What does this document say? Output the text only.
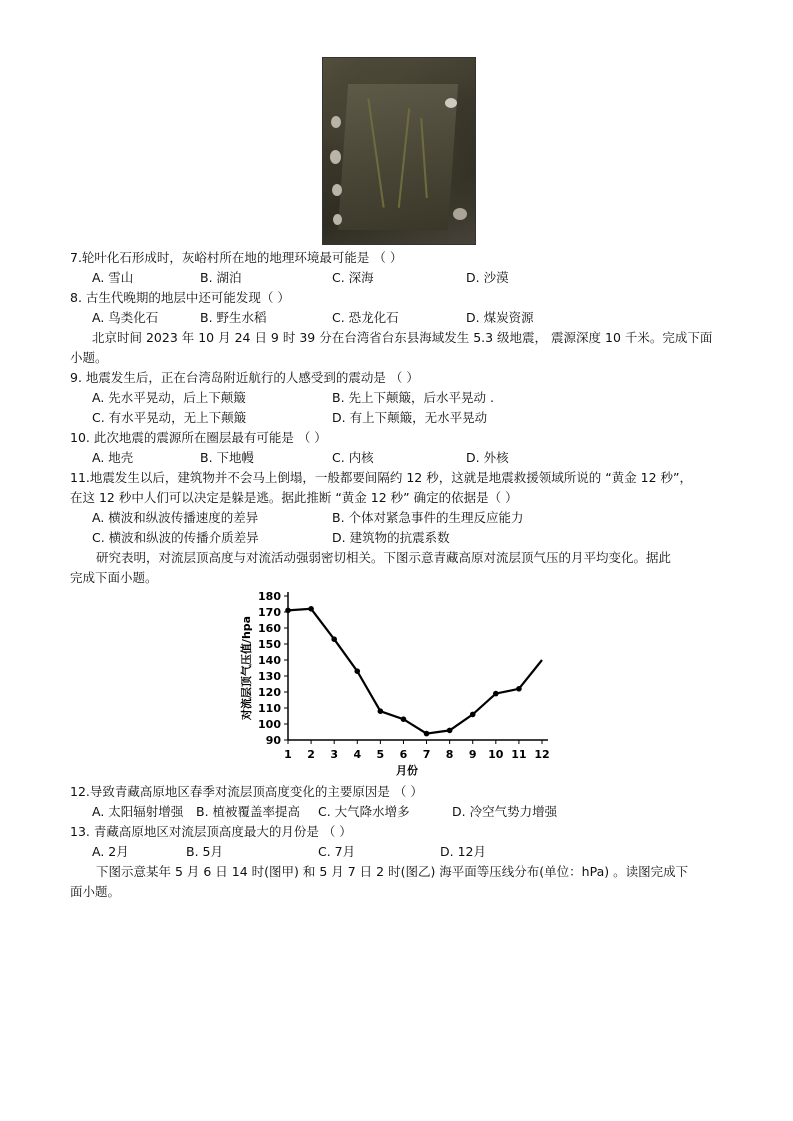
7.轮叶化石形成时，灰峪村所在地的地理环境最可能是 （ ）
A. 雪山	B. 湖泊	C. 深海	D. 沙漠
8. 古生代晚期的地层中还可能发现（ ）
A. 鸟类化石	B. 野生水稻	C. 恐龙化石	D. 煤炭资源
北京时间 2023 年 10 月 24 日 9 时 39 分在台湾省台东县海域发生 5.3 级地震， 震源深度 10 千米。完成下面
小题。
9. 地震发生后，正在台湾岛附近航行的人感受到的震动是 （ ）
A. 先水平晃动，后上下颠簸	B. 先上下颠簸，后水平晃动 .
C. 有水平晃动，无上下颠簸	D. 有上下颠簸，无水平晃动
10. 此次地震的震源所在圈层最有可能是 （ ）
A. 地壳	B. 下地幔	C. 内核	D. 外核
11.地震发生以后，建筑物并不会马上倒塌，一般都要间隔约 12 秒，这就是地震救援领域所说的 “黄金 12 秒”，
在这 12 秒中人们可以决定是躲是逃。据此推断 “黄金 12 秒” 确定的依据是（ ）
A. 横波和纵波传播速度的差异	B. 个体对紧急事件的生理反应能力
C. 横波和纵波的传播介质差异	D. 建筑物的抗震系数
研究表明，对流层顶高度与对流活动强弱密切相关。下图示意青藏高原对流层顶气压的月平均变化。据此
完成下面小题。
90
100
110
120
130
140
150
160
170
180
1 2 3 4 5 6 7 8 9 10 11 12
对流层顶气压值/hpa
月份
12.导致青藏高原地区春季对流层顶高度变化的主要原因是 （ ）
A. 太阳辐射增强 B. 植被覆盖率提高 C. 大气降水增多	D. 冷空气势力增强
13. 青藏高原地区对流层顶高度最大的月份是 （ ）
A. 2月	B. 5月	C. 7月	D. 12月
下图示意某年 5 月 6 日 14 时(图甲) 和 5 月 7 日 2 时(图乙) 海平面等压线分布(单位：hPa) 。读图完成下
面小题。
